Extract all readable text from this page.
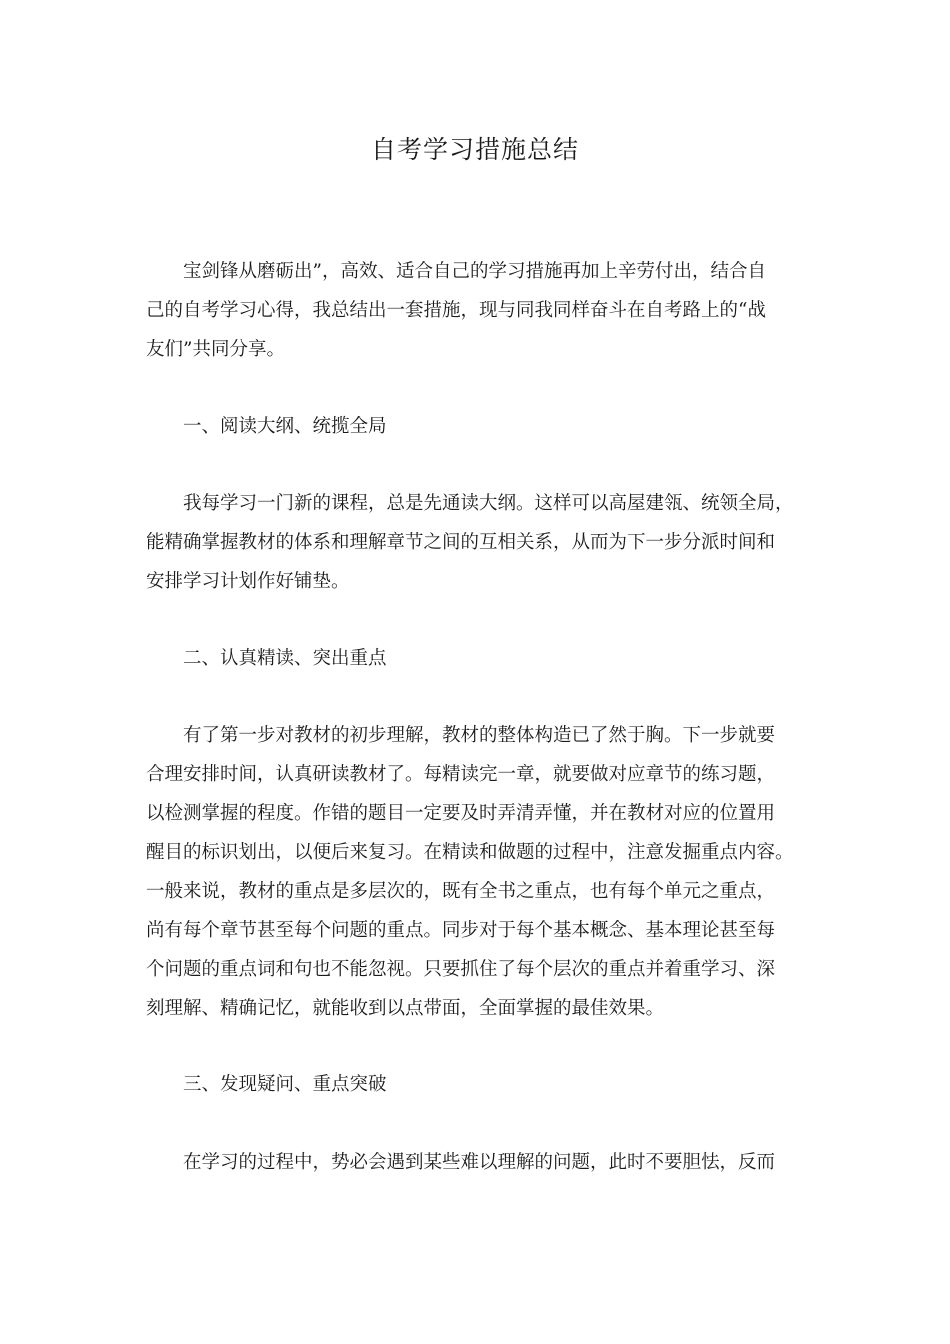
自考学习措施总结
宝剑锋从磨砺出”，高效、适合自己的学习措施再加上辛劳付出，结合自
己的自考学习心得，我总结出一套措施，现与同我同样奋斗在自考路上的“战
友们”共同分享。
一、阅读大纲、统揽全局
我每学习一门新的课程，总是先通读大纲。这样可以高屋建瓴、统领全局，
能精确掌握教材的体系和理解章节之间的互相关系，从而为下一步分派时间和
安排学习计划作好铺垫。
二、认真精读、突出重点
有了第一步对教材的初步理解，教材的整体构造已了然于胸。下一步就要
合理安排时间，认真研读教材了。每精读完一章，就要做对应章节的练习题，
以检测掌握的程度。作错的题目一定要及时弄清弄懂，并在教材对应的位置用
醒目的标识划出，以便后来复习。在精读和做题的过程中，注意发掘重点内容。
一般来说，教材的重点是多层次的，既有全书之重点，也有每个单元之重点，
尚有每个章节甚至每个问题的重点。同步对于每个基本概念、基本理论甚至每
个问题的重点词和句也不能忽视。只要抓住了每个层次的重点并着重学习、深
刻理解、精确记忆，就能收到以点带面，全面掌握的最佳效果。
三、发现疑问、重点突破
在学习的过程中，势必会遇到某些难以理解的问题，此时不要胆怯，反而
